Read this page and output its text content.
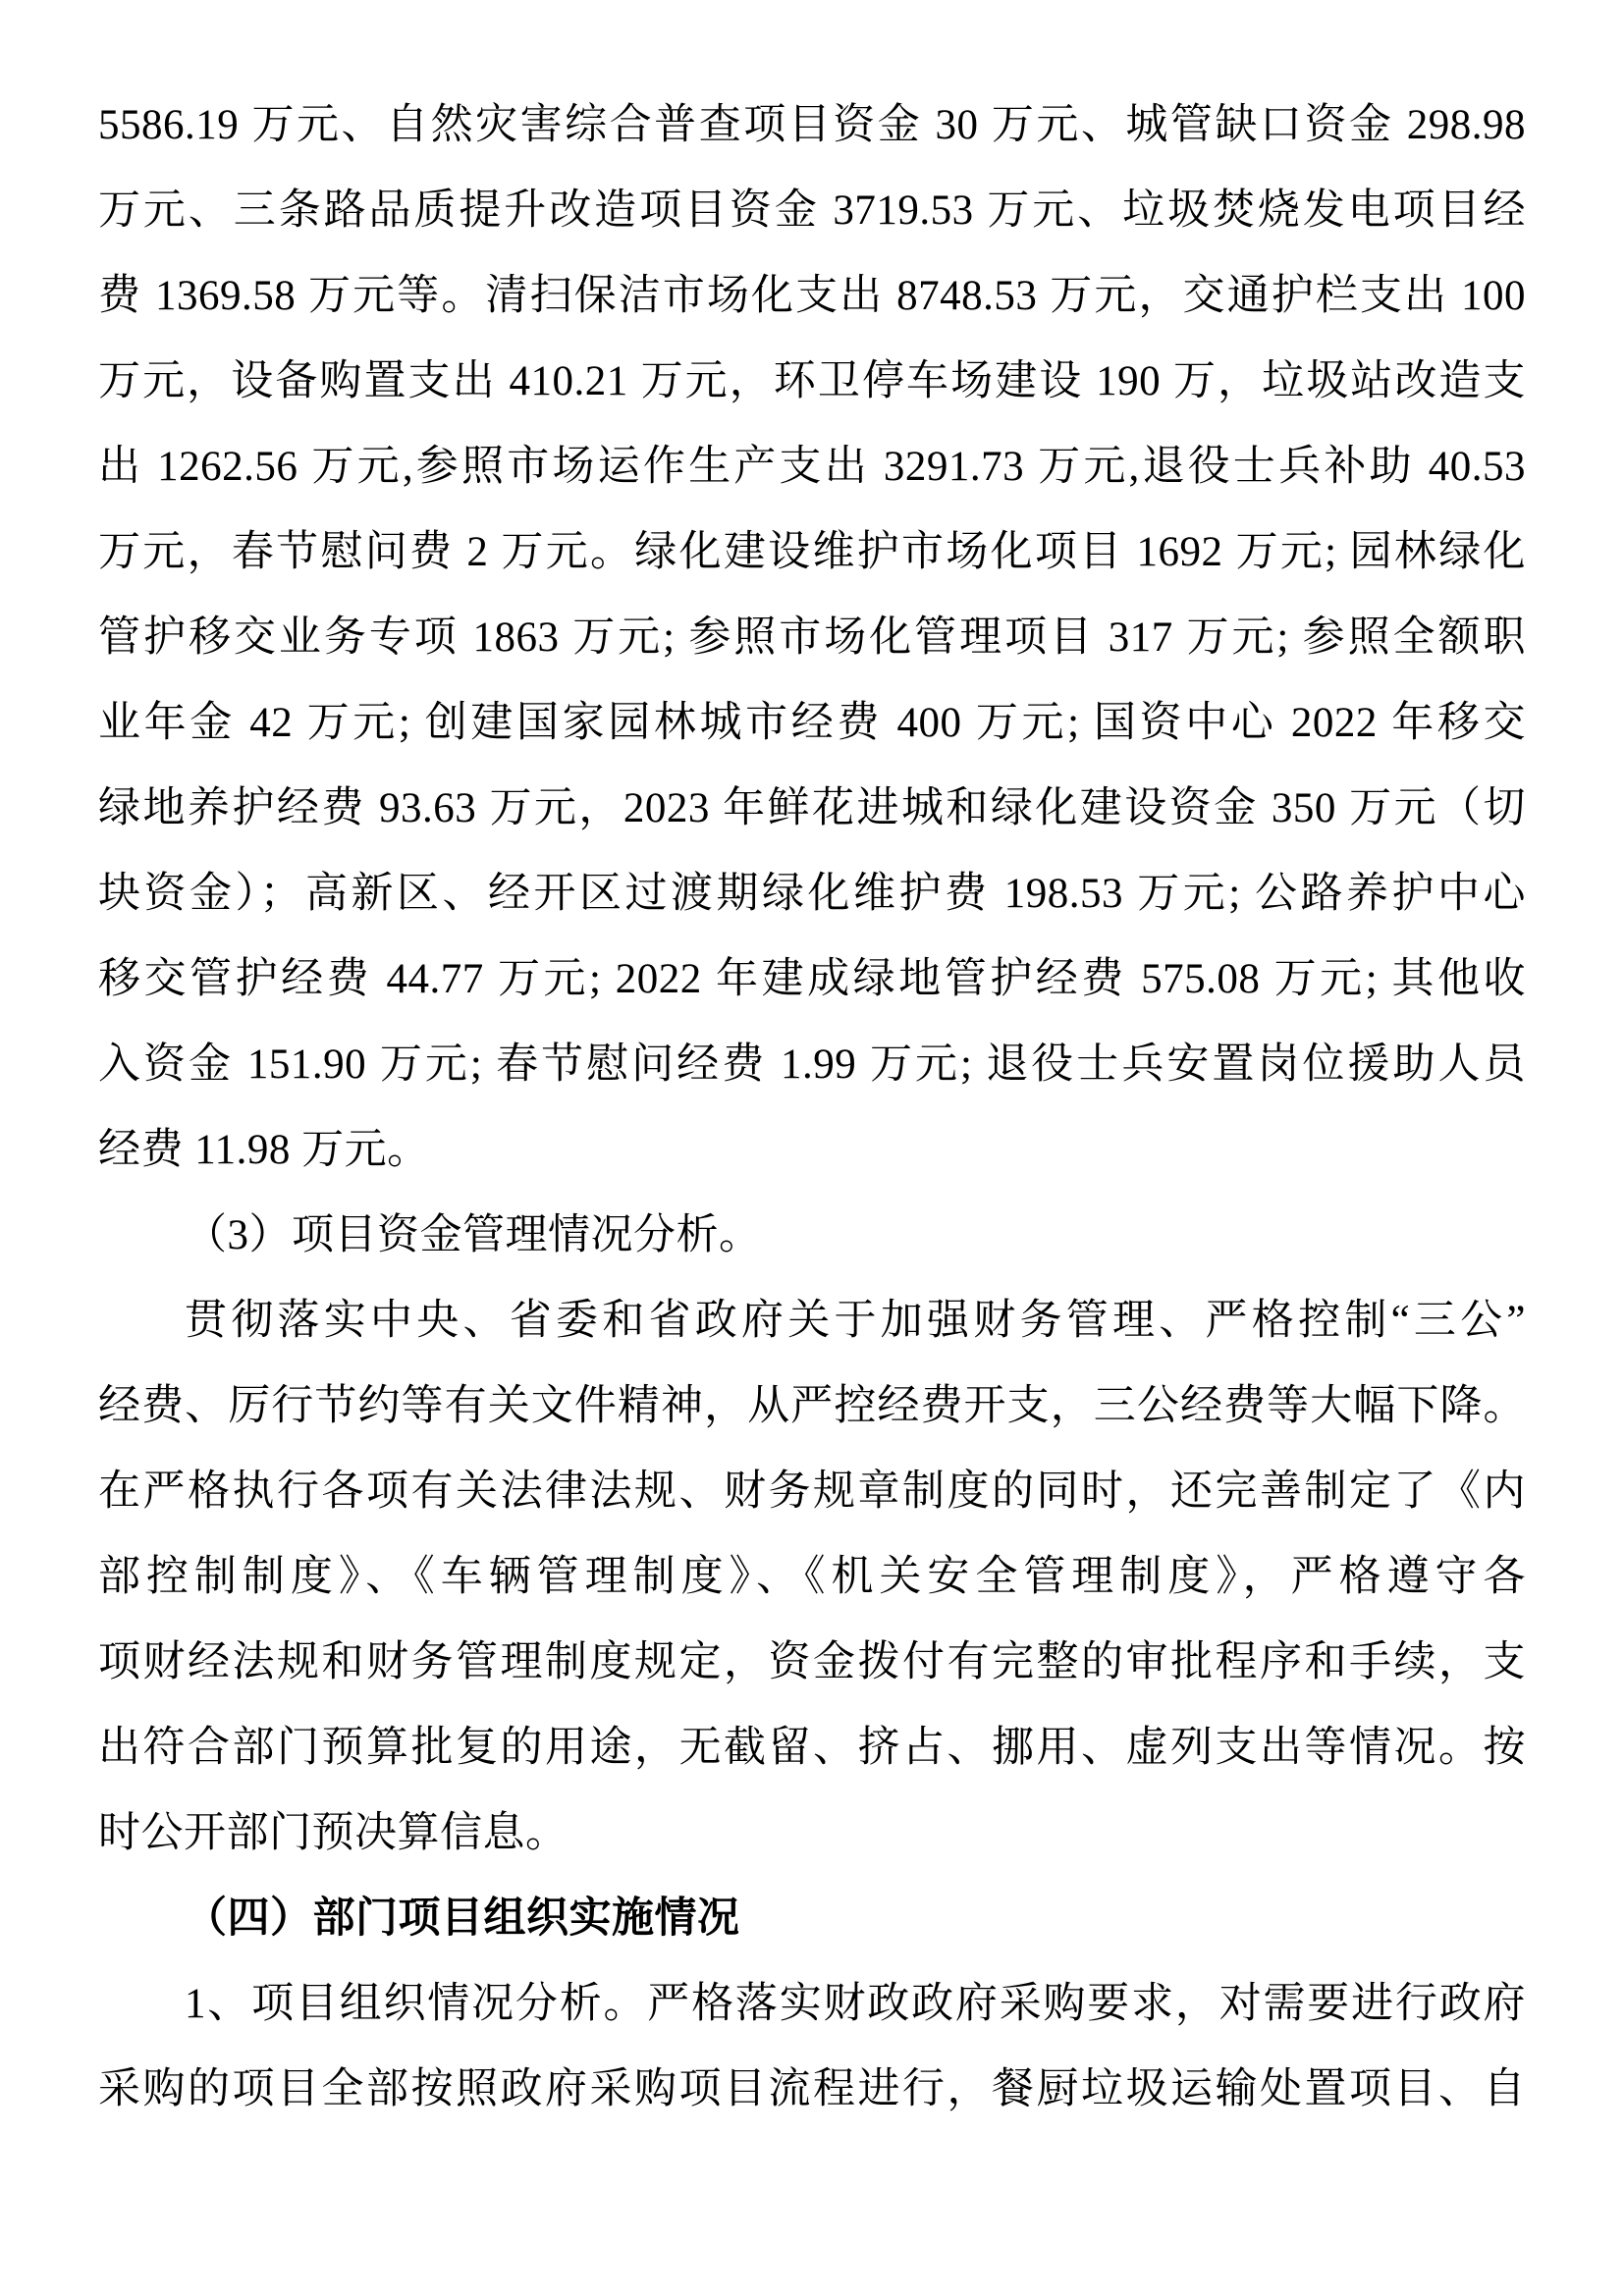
5586.19 万元、自然灾害综合普查项目资金 30 万元、城管缺口资金 298.98
万元、三条路品质提升改造项目资金 3719.53 万元、垃圾焚烧发电项目经
费 1369.58 万元等。清扫保洁市场化支出 8748.53 万元，交通护栏支出 100
万元，设备购置支出 410.21 万元，环卫停车场建设 190 万，垃圾站改造支
出 1262.56 万元,参照市场运作生产支出 3291.73 万元,退役士兵补助 40.53
万元，春节慰问费 2 万元。绿化建设维护市场化项目 1692 万元; 园林绿化
管护移交业务专项 1863 万元; 参照市场化管理项目 317 万元; 参照全额职
业年金 42 万元; 创建国家园林城市经费 400 万元; 国资中心 2022 年移交
绿地养护经费 93.63 万元，2023 年鲜花进城和绿化建设资金 350 万元（切
块资金）；高新区、经开区过渡期绿化维护费 198.53 万元; 公路养护中心
移交管护经费 44.77 万元; 2022 年建成绿地管护经费 575.08 万元; 其他收
入资金 151.90 万元; 春节慰问经费 1.99 万元; 退役士兵安置岗位援助人员
经费 11.98 万元。
（3）项目资金管理情况分析。
贯彻落实中央、省委和省政府关于加强财务管理、严格控制“三公”
经费、厉行节约等有关文件精神，从严控经费开支，三公经费等大幅下降。
在严格执行各项有关法律法规、财务规章制度的同时，还完善制定了《内
部控制制度》、《车辆管理制度》、《机关安全管理制度》，严格遵守各
项财经法规和财务管理制度规定，资金拨付有完整的审批程序和手续，支
出符合部门预算批复的用途，无截留、挤占、挪用、虚列支出等情况。按
时公开部门预决算信息。
（四）部门项目组织实施情况
1、项目组织情况分析。严格落实财政政府采购要求，对需要进行政府
采购的项目全部按照政府采购项目流程进行，餐厨垃圾运输处置项目、自
